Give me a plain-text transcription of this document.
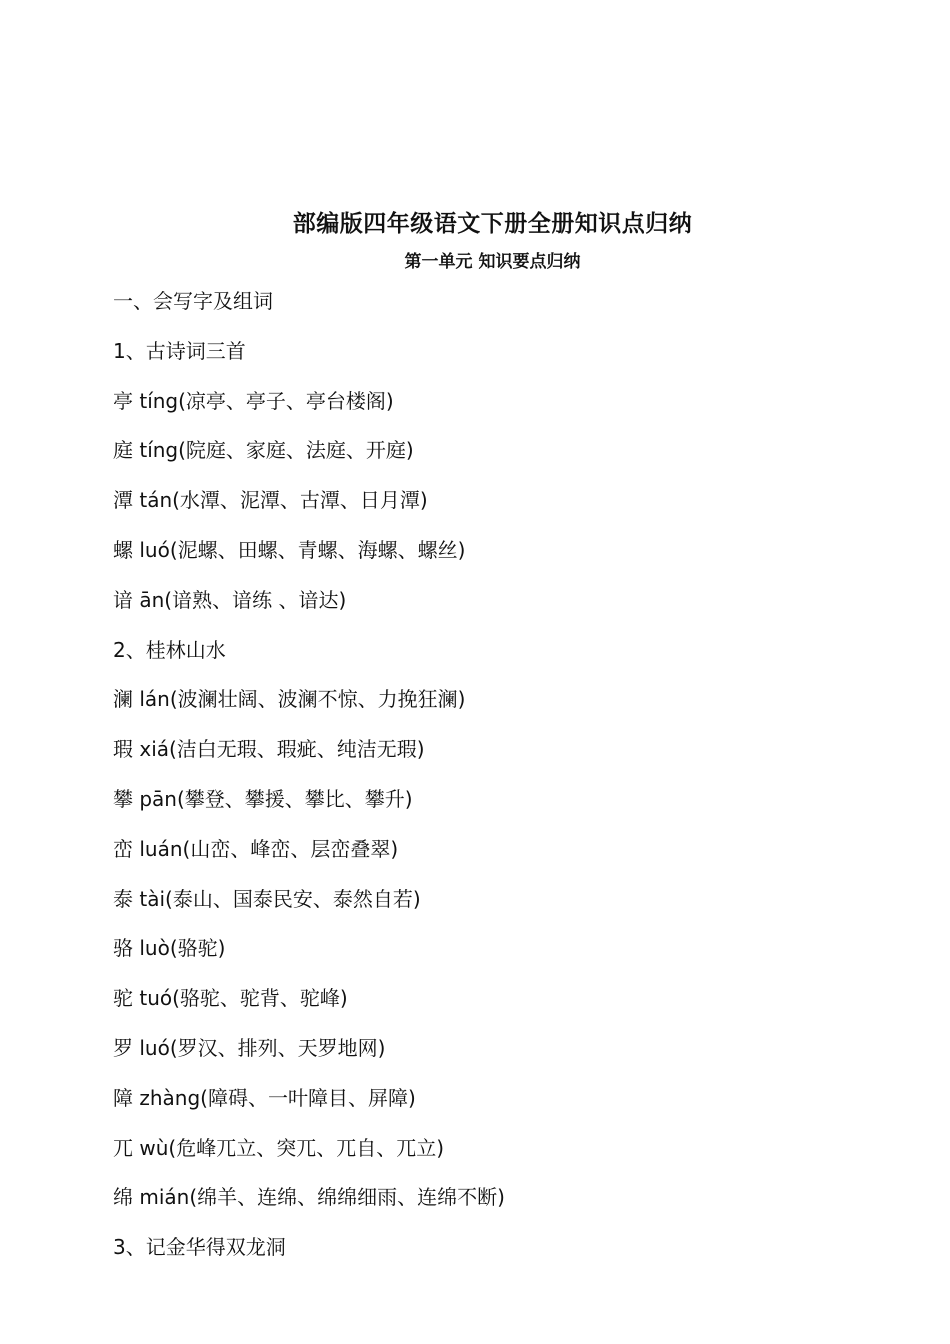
部编版四年级语文下册全册知识点归纳
第一单元 知识要点归纳
一、会写字及组词
1、古诗词三首
亭 tíng(凉亭、亭子、亭台楼阁)
庭 tíng(院庭、家庭、法庭、开庭)
潭 tán(水潭、泥潭、古潭、日月潭)
螺 luó(泥螺、田螺、青螺、海螺、螺丝)
谙 ān(谙熟、谙练 、谙达)
2、桂林山水
澜 lán(波澜壮阔、波澜不惊、力挽狂澜)
瑕 xiá(洁白无瑕、瑕疵、纯洁无瑕)
攀 pān(攀登、攀援、攀比、攀升)
峦 luán(山峦、峰峦、层峦叠翠)
泰 tài(泰山、国泰民安、泰然自若)
骆 luò(骆驼)
驼 tuó(骆驼、驼背、驼峰)
罗 luó(罗汉、排列、天罗地网)
障 zhàng(障碍、一叶障目、屏障)
兀 wù(危峰兀立、突兀、兀自、兀立)
绵 mián(绵羊、连绵、绵绵细雨、连绵不断)
3、记金华得双龙洞
